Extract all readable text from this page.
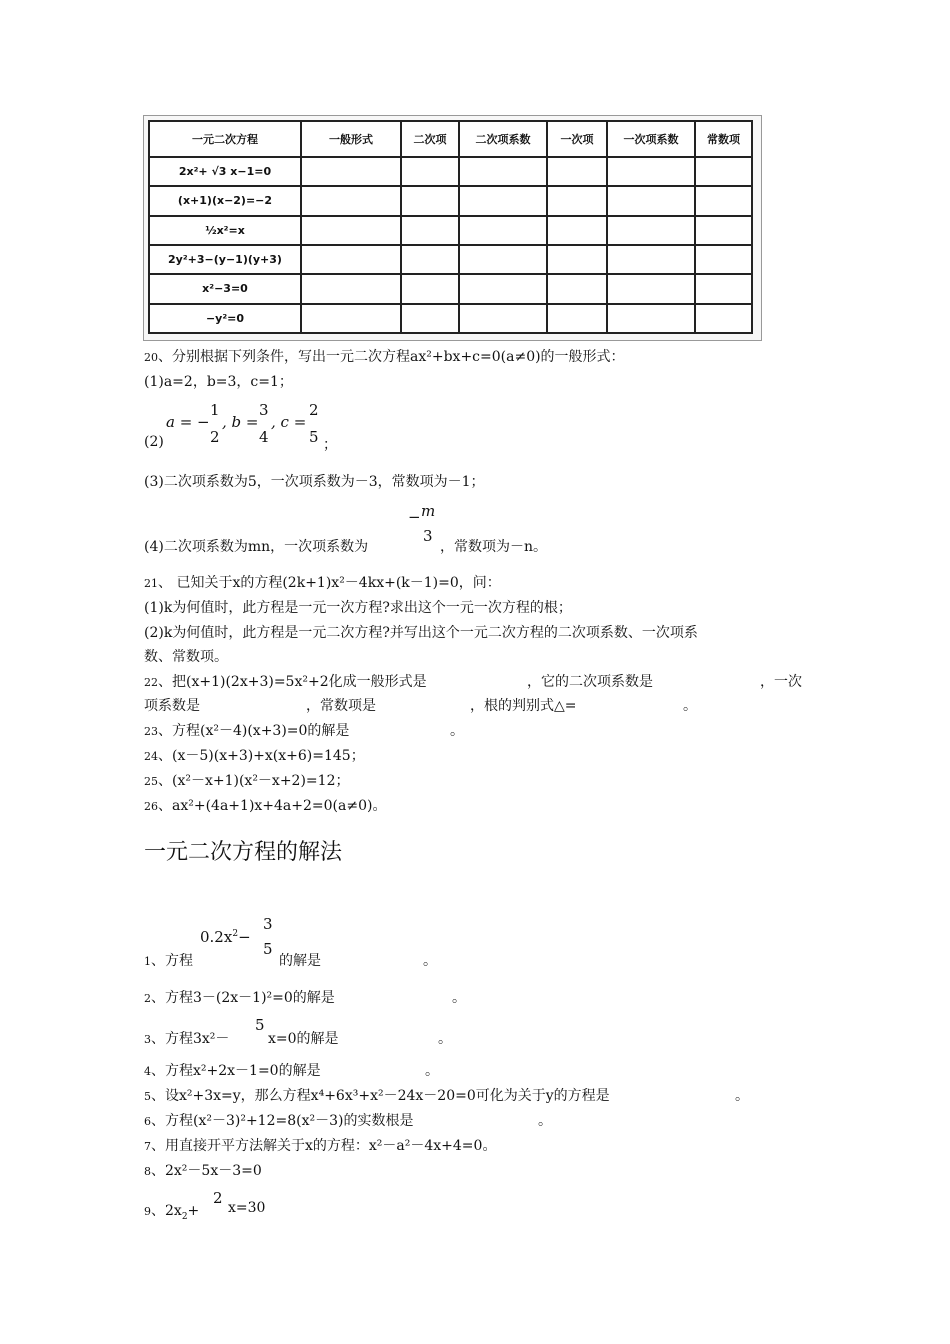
一元二次方程	一般形式	二次项	二次项系数	一次项	一次项系数	常数项
2x²+ √3 x−1=0						
(x+1)(x−2)=−2						
½x²=x						
2y²+3−(y−1)(y+3)						
x²−3=0						
−y²=0						
20、分别根据下列条件，写出一元二次方程ax²+bx+c=0(a≠0)的一般形式：
(1)a=2，b=3，c=1；
(2)
a = −
1
2
, b =
3
4
, c =
2
5 ；
(3)二次项系数为5，一次项系数为－3，常数项为－1；
(4)二次项系数为mn，一次项系数为
− m
3
，常数项为－n。
21、 已知关于x的方程(2k+1)x²－4kx+(k－1)=0，问：
(1)k为何值时，此方程是一元一次方程?求出这个一元一次方程的根；
(2)k为何值时，此方程是一元二次方程?并写出这个一元二次方程的二次项系数、一次项系
数、常数项。
22、把(x+1)(2x+3)=5x²+2化成一般形式是	，它的二次项系数是	，一次
项系数是	，常数项是	，根的判别式△=	。
23、方程(x²－4)(x+3)=0的解是	。
24、(x－5)(x+3)+x(x+6)=145；
25、(x²－x+1)(x²－x+2)=12；
26、ax²+(4a+1)x+4a+2=0(a≠0)。
一元二次方程的解法
1、方程
$0.2x^2-$
3
5
的解是	。
2、方程3－(2x－1)²=0的解是	。
3、方程3x²－
5
x=0的解是	。
4、方程x²+2x－1=0的解是	。
5、设x²+3x=y，那么方程x⁴+6x³+x²－24x－20=0可化为关于y的方程是	。
6、方程(x²－3)²+12=8(x²－3)的实数根是	。
7、用直接开平方法解关于x的方程：x²－a²－4x+4=0。
8、2x²－5x－3=0
9、$2x_2+$
2
x=30
